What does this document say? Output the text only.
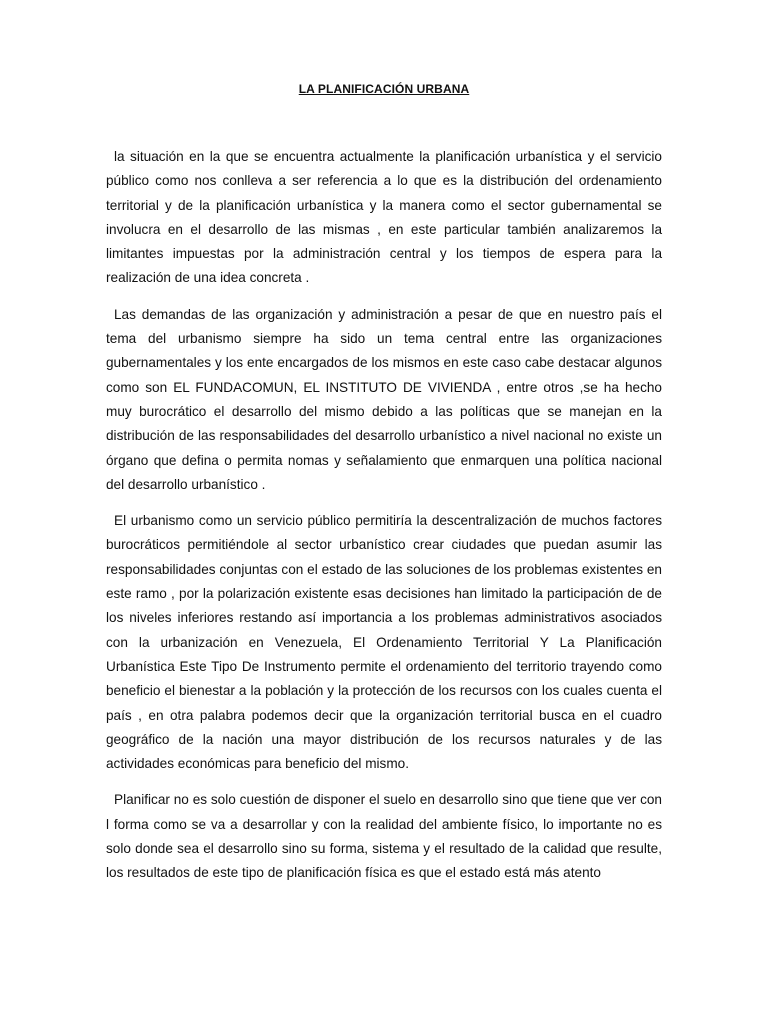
LA PLANIFICACIÓN URBANA

la situación en la que se encuentra actualmente la planificación urbanística y el servicio público como nos conlleva a ser referencia a lo que es la distribución del ordenamiento territorial y de la planificación urbanística y la manera como el sector gubernamental se involucra en el desarrollo de las mismas , en este particular también analizaremos la limitantes impuestas por la administración central y los tiempos de espera para la realización de una idea concreta .

Las demandas de las organización y administración a pesar de que en nuestro país el tema del urbanismo siempre ha sido un tema central entre las organizaciones gubernamentales y los ente encargados de los mismos en este caso cabe destacar algunos como son EL FUNDACOMUN, EL INSTITUTO DE VIVIENDA , entre otros ,se ha hecho muy burocrático el desarrollo del mismo debido a las políticas que se manejan en la distribución de las responsabilidades del desarrollo urbanístico a nivel nacional no existe un órgano que defina o permita nomas y señalamiento que enmarquen una política nacional del desarrollo urbanístico .

El urbanismo como un servicio público permitiría la descentralización de muchos factores burocráticos permitiéndole al sector urbanístico crear ciudades que puedan asumir las responsabilidades conjuntas con el estado de las soluciones de los problemas existentes en este ramo , por la polarización existente esas decisiones han limitado la participación de de los niveles inferiores restando así importancia a los problemas administrativos asociados con la urbanización en Venezuela, El Ordenamiento Territorial Y La Planificación Urbanística Este Tipo De Instrumento permite el ordenamiento del territorio trayendo como beneficio el bienestar a la población y la protección de los recursos con los cuales cuenta el país , en otra palabra podemos decir que la organización territorial busca en el cuadro geográfico de la nación una mayor distribución de los recursos naturales y de las actividades económicas para beneficio del mismo.

Planificar no es solo cuestión de disponer el suelo en desarrollo sino que tiene que ver con l forma como se va a desarrollar y con la realidad del ambiente físico, lo importante no es solo donde sea el desarrollo sino su forma, sistema y el resultado de la calidad que resulte, los resultados de este tipo de planificación física es que el estado está más atento
